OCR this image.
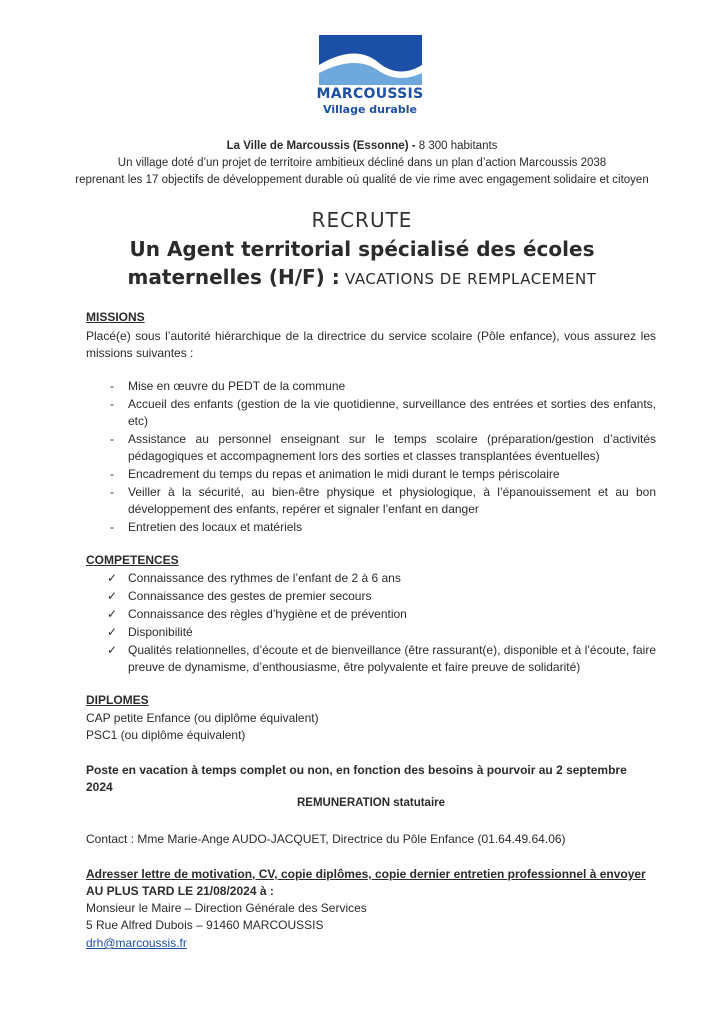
MARCOUSSIS
Village durable
La Ville de Marcoussis (Essonne) - 8 300 habitants
Un village doté d’un projet de territoire ambitieux décliné dans un plan d’action Marcoussis 2038
reprenant les 17 objectifs de développement durable où qualité de vie rime avec engagement solidaire et citoyen
RECRUTE
Un Agent territorial spécialisé des écoles
maternelles (H/F) : VACATIONS DE REMPLACEMENT
MISSIONS
Placé(e) sous l’autorité hiérarchique de la directrice du service scolaire (Pôle enfance), vous assurez les missions suivantes :
-	Mise en œuvre du PEDT de la commune
-	Accueil des enfants (gestion de la vie quotidienne, surveillance des entrées et sorties des enfants, etc)
-	Assistance au personnel enseignant sur le temps scolaire (préparation/gestion d’activités pédagogiques et accompagnement lors des sorties et classes transplantées éventuelles)
-	Encadrement du temps du repas et animation le midi durant le temps périscolaire
-	Veiller à la sécurité, au bien-être physique et physiologique, à l’épanouissement et au bon développement des enfants, repérer et signaler l’enfant en danger
-	Entretien des locaux et matériels
COMPETENCES
✓ Connaissance des rythmes de l’enfant de 2 à 6 ans
✓ Connaissance des gestes de premier secours
✓ Connaissance des règles d’hygiène et de prévention
✓ Disponibilité
✓ Qualités relationnelles, d’écoute et de bienveillance (être rassurant(e), disponible et à l’écoute, faire preuve de dynamisme, d’enthousiasme, être polyvalente et faire preuve de solidarité)
DIPLOMES
CAP petite Enfance (ou diplôme équivalent)
PSC1 (ou diplôme équivalent)
Poste en vacation à temps complet ou non, en fonction des besoins à pourvoir au 2 septembre 2024
REMUNERATION statutaire
Contact : Mme Marie-Ange AUDO-JACQUET, Directrice du Pôle Enfance (01.64.49.64.06)
Adresser lettre de motivation, CV, copie diplômes, copie dernier entretien professionnel à envoyer
AU PLUS TARD LE 21/08/2024 à :
Monsieur le Maire – Direction Générale des Services
5 Rue Alfred Dubois – 91460 MARCOUSSIS
drh@marcoussis.fr
